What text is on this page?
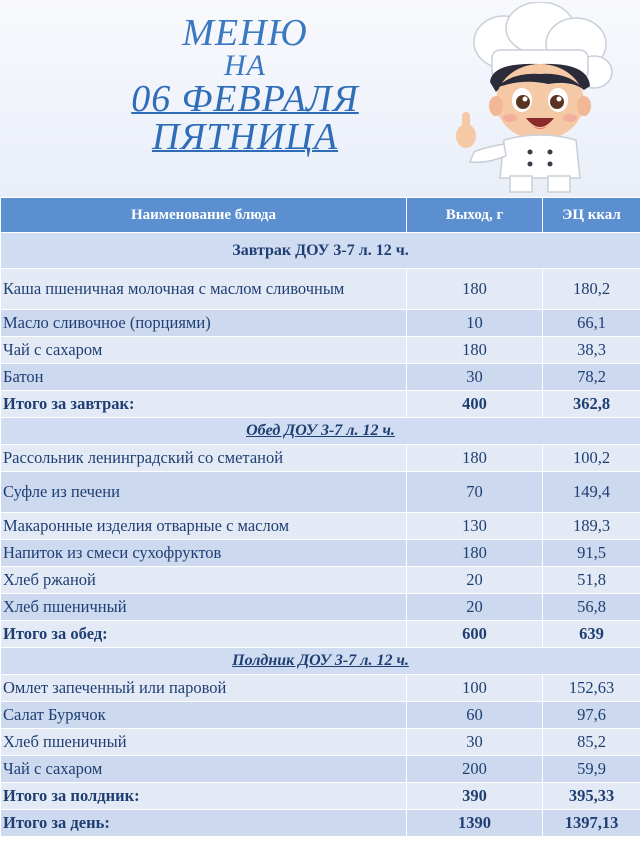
МЕНЮ
НА
06 ФЕВРАЛЯ
ПЯТНИЦА
Наименование блюда	Выход, г	ЭЦ ккал
Завтрак ДОУ 3-7 л. 12 ч.		
Каша пшеничная молочная с маслом сливочным	180	180,2
Масло сливочное (порциями)	10	66,1
Чай с сахаром	180	38,3
Батон	30	78,2
Итого за завтрак:	400	362,8
Обед ДОУ 3-7 л. 12 ч.		
Рассольник ленинградский со сметаной	180	100,2
Суфле из печени	70	149,4
Макаронные изделия отварные с маслом	130	189,3
Напиток из смеси сухофруктов	180	91,5
Хлеб ржаной	20	51,8
Хлеб пшеничный	20	56,8
Итого за обед:	600	639
Полдник ДОУ 3-7 л. 12 ч.		
Омлет запеченный или паровой	100	152,63
Салат Бурячок	60	97,6
Хлеб пшеничный	30	85,2
Чай с сахаром	200	59,9
Итого за полдник:	390	395,33
Итого за день:	1390	1397,13
